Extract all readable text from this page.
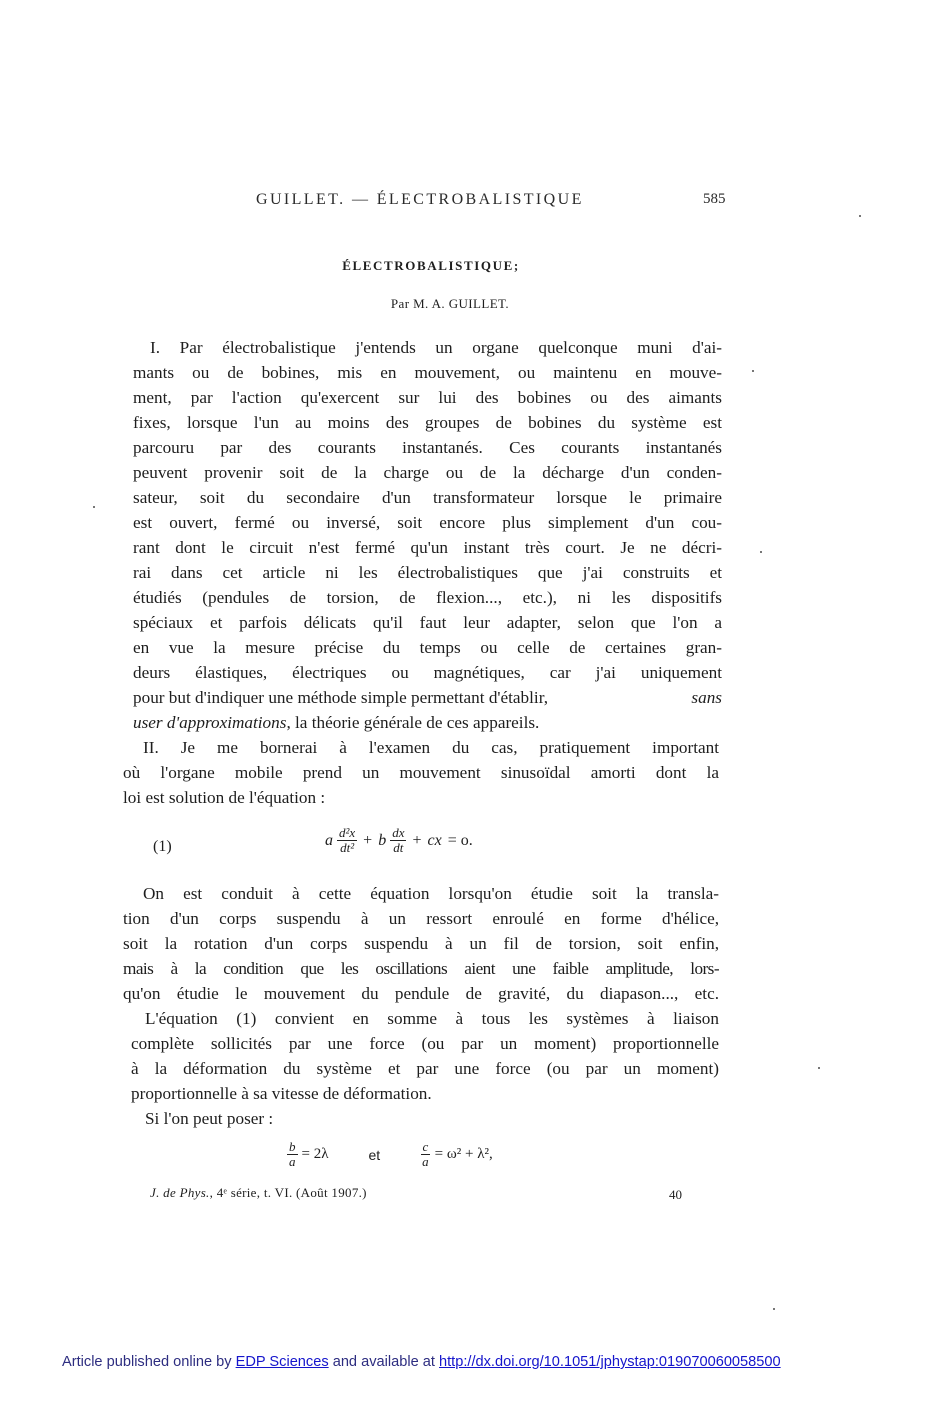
GUILLET. — ÉLECTROBALISTIQUE	585
ÉLECTROBALISTIQUE;
Par M. A. GUILLET.
I. Par électrobalistique j'entends un organe quelconque muni d'ai-
mants ou de bobines, mis en mouvement, ou maintenu en mouve-
ment, par l'action qu'exercent sur lui des bobines ou des aimants
fixes, lorsque l'un au moins des groupes de bobines du système est
parcouru par des courants instantanés. Ces courants instantanés
peuvent provenir soit de la charge ou de la décharge d'un conden-
sateur, soit du secondaire d'un transformateur lorsque le primaire
est ouvert, fermé ou inversé, soit encore plus simplement d'un cou-
rant dont le circuit n'est fermé qu'un instant très court. Je ne décri-
rai dans cet article ni les électrobalistiques que j'ai construits et
étudiés (pendules de torsion, de flexion..., etc.), ni les dispositifs
spéciaux et parfois délicats qu'il faut leur adapter, selon que l'on a
en vue la mesure précise du temps ou celle de certaines gran-
deurs élastiques, électriques ou magnétiques, car j'ai uniquement
pour but d'indiquer une méthode simple permettant d'établir,	sans
user d'approximations, la théorie générale de ces appareils.
II. Je me bornerai à l'examen du cas, pratiquement important
où l'organe mobile prend un mouvement sinusoïdal amorti dont la
loi est solution de l'équation :
(1)	a $\frac{\text{d²x}}{\text{dt²}} + b \frac{dx}{dt}$ + cx = o.
On est conduit à cette équation lorsqu'on étudie soit la transla-
tion d'un corps suspendu à un ressort enroulé en forme d'hélice,
soit la rotation d'un corps suspendu à un fil de torsion, soit enfin,
mais à la condition que les oscillations aient une faible amplitude, lors-
qu'on étudie le mouvement du pendule de gravité, du diapason..., etc.
L'équation (1) convient en somme à tous les systèmes à liaison
complète sollicités par une force (ou par un moment) proportionnelle
à la déformation du système et par une force (ou par un moment)
proportionnelle à sa vitesse de déformation.
Si l'on peut poser :
$\frac{b}{a} = 2\lambda$	et	$\frac{c}{a} = \omega^2 + \lambda^2$,
J. de Phys., 4ᵉ série, t. VI. (Août 1907.)	40
Article published online by EDP Sciences and available at http://dx.doi.org/10.1051/jphystap:019070060058500
